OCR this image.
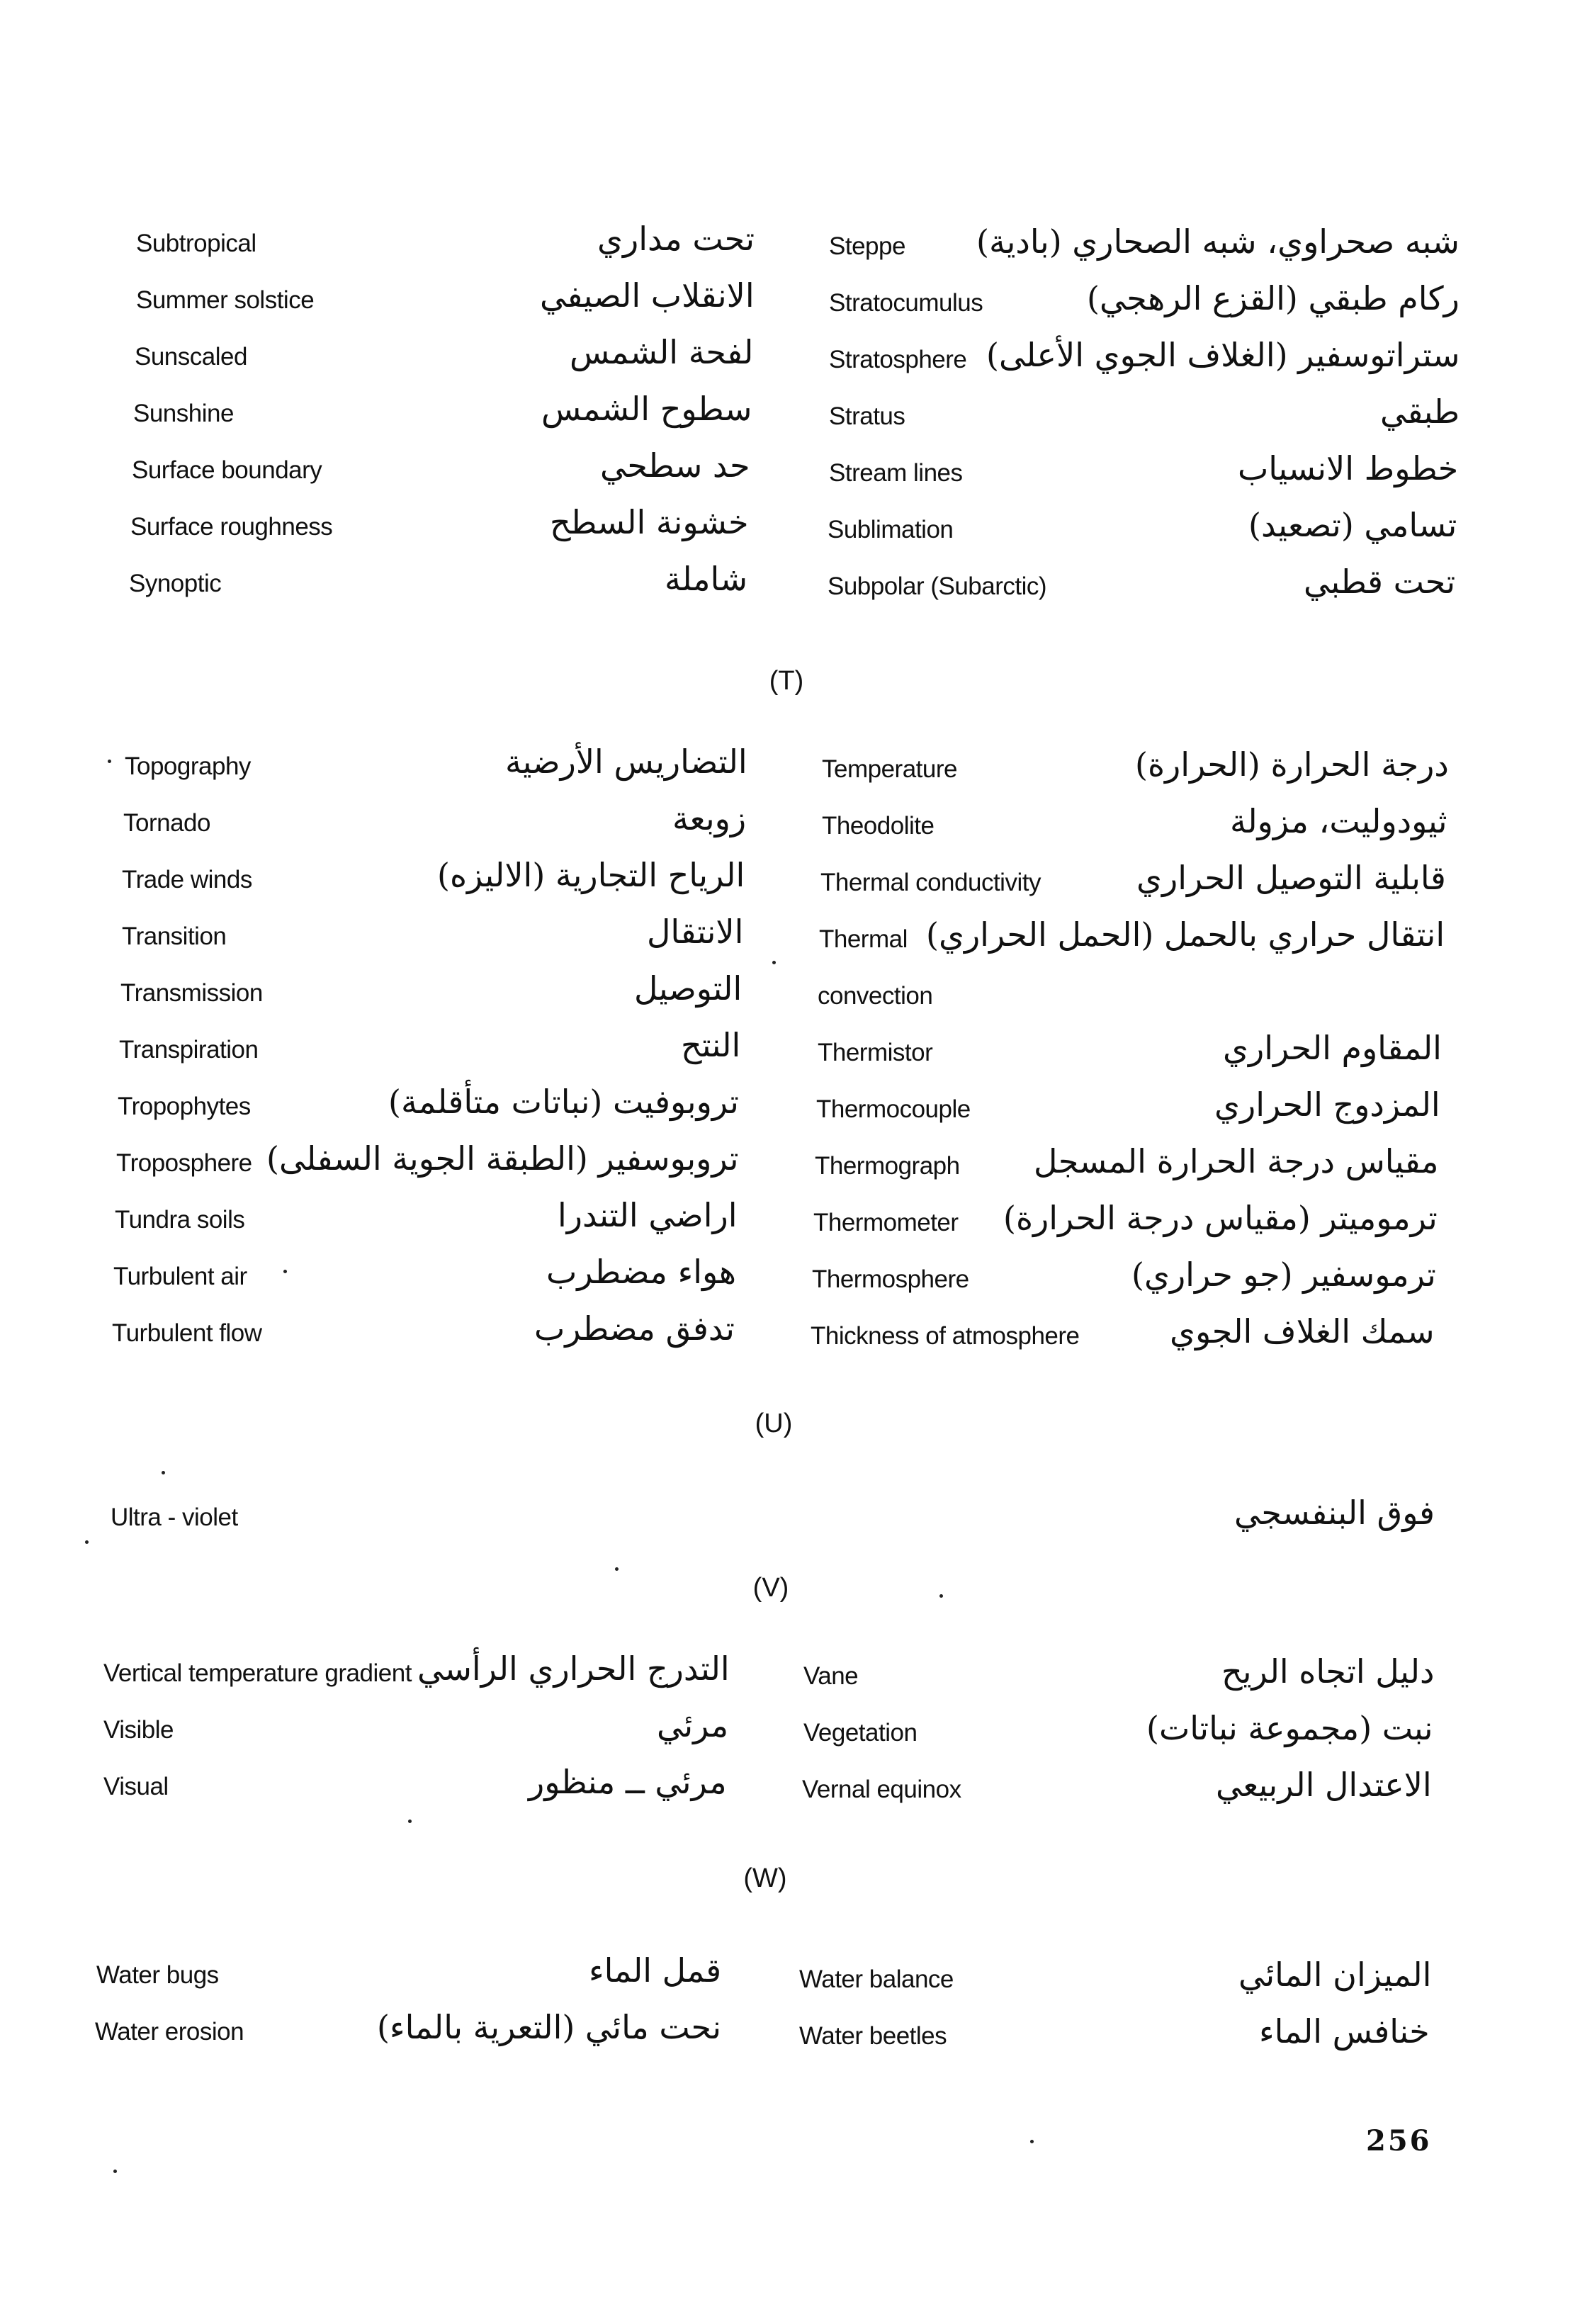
Subtropical	تحت مداري
Summer solstice	الانقلاب الصيفي
Sunscaled	لفحة الشمس
Sunshine	سطوح الشمس
Surface boundary	حد سطحي
Surface roughness	خشونة السطح
Synoptic	شاملة
Steppe شبه صحراوي، شبه الصحاري (بادية)
Stratocumulus	ركام طبقي (القزع الرهجي)
Stratosphere ستراتوسفير (الغلاف الجوي الأعلى)
Stratus	طبقي
Stream lines	خطوط الانسياب
Sublimation	تسامي (تصعيد)
Subpolar (Subarctic)	تحت قطبي
(T)
Topography	التضاريس الأرضية
Tornado	زوبعة
Trade winds	الرياح التجارية (الاليزه)
Transition	الانتقال
Transmission	التوصيل
Transpiration	النتح
Tropophytes	تروبوفيت (نباتات متأقلمة)
Troposphere تروبوسفير (الطبقة الجوية السفلى)
Tundra soils	اراضي التندرا
Turbulent air	هواء مضطرب
Turbulent flow	تدفق مضطرب
Temperature	درجة الحرارة (الحرارة)
Theodolite	ثيودوليت، مزولة
Thermal conductivity	قابلية التوصيل الحراري
Thermal انتقال حراري بالحمل (الحمل الحراري)
convection
Thermistor	المقاوم الحراري
Thermocouple	المزدوج الحراري
Thermograph مقياس درجة الحرارة المسجل
Thermometer ترمومیتر (مقياس درجة الحرارة)
Thermosphere	ترموسفير (جو حراري)
Thickness of atmosphere	سمك الغلاف الجوي
(U)
Ultra - violet	فوق البنفسجي
(V)
Vertical temperature gradient التدرج الحراري الرأسي
Visible	مرئي
Visual	مرئي ــ منظور
Vane	دليل اتجاه الريح
Vegetation	نبت (مجموعة نباتات)
Vernal equinox	الاعتدال الربيعي
(W)
Water bugs	قمل الماء
Water erosion	نحت مائي (التعرية بالماء)
Water balance	الميزان المائي
Water beetles	خنافس الماء
256
